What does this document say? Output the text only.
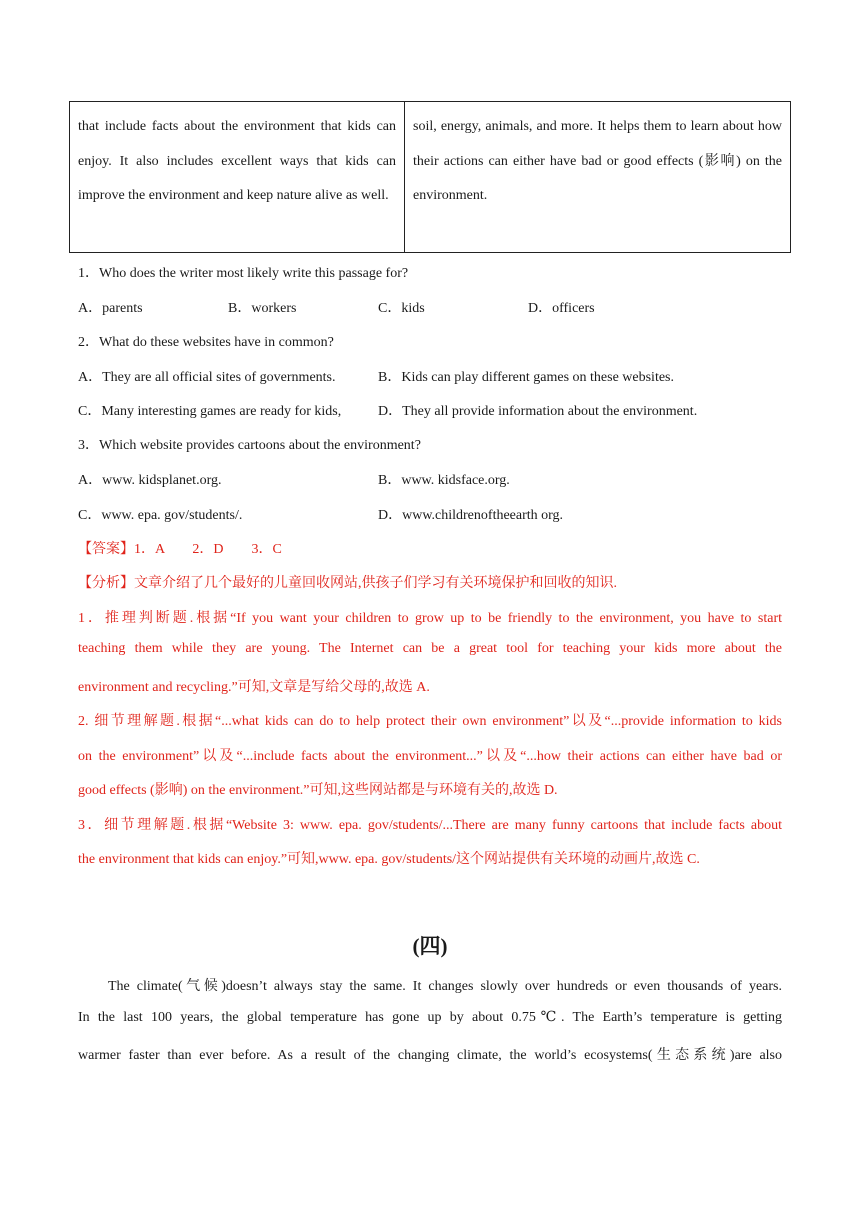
that include facts about the environment that kids can enjoy. It also includes excellent ways that kids can improve the environment and keep nature alive as well.
soil, energy, animals, and more. It helps them to learn about how their actions can either have bad or good effects (影响) on the environment.
1．Who does the writer most likely write this passage for?
A．parents	B．workers	C．kids	D．officers
2．What do these websites have in common?
A．They are all official sites of governments.	B．Kids can play different games on these websites.
C．Many interesting games are ready for kids,	D．They all provide information about the environment.
3．Which website provides cartoons about the environment?
A．www. kidsplanet.org.	B．www. kidsface.org.
C．www. epa. gov/students/.	D．www.childrenoftheearth org.
【答案】1．A　　2．D　　3．C
【分析】文章介绍了几个最好的儿童回收网站,供孩子们学习有关环境保护和回收的知识.
1．推理判断题.根据“If you want your children to grow up to be friendly to the environment, you have to start
teaching them while they are young. The Internet can be a great tool for teaching your kids more about the
environment and recycling.”可知,文章是写给父母的,故选 A.
2. 细节理解题.根据“...what kids can do to help protect their own environment”以及“...provide information to kids
on the environment”以及“...include facts about the environment...”以及“...how their actions can either have bad or
good effects (影响) on the environment.”可知,这些网站都是与环境有关的,故选 D.
3．细节理解题.根据“Website 3: www. epa. gov/students/...There are many funny cartoons that include facts about
the environment that kids can enjoy.”可知,www. epa. gov/students/这个网站提供有关环境的动画片,故选 C.
(四)
The climate(气候)doesn’t always stay the same. It changes slowly over hundreds or even thousands of years.
In the last 100 years, the global temperature has gone up by about 0.75℃. The Earth’s temperature is getting
warmer faster than ever before. As a result of the changing climate, the world’s ecosystems(生态系统)are also
